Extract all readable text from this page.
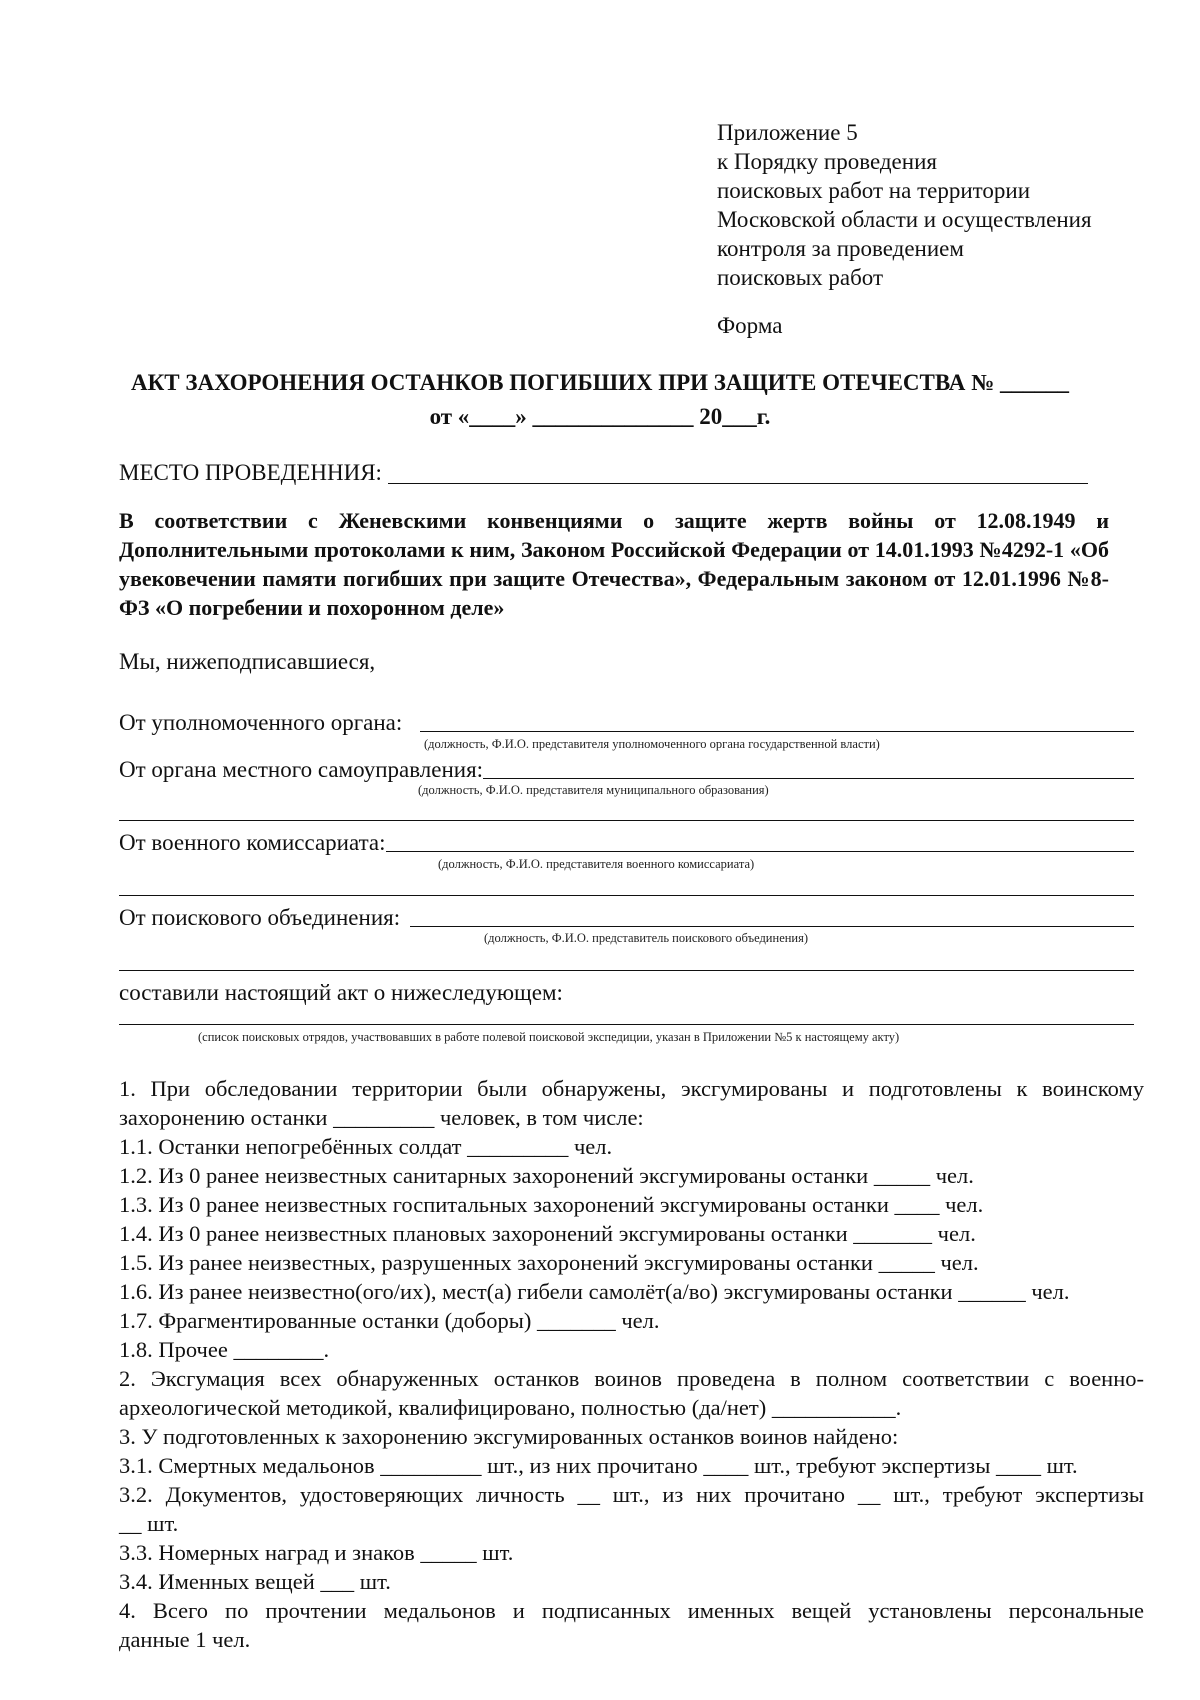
Приложение 5
к Порядку проведения
поисковых работ на территории
Московской области и осуществления
контроля за проведением
поисковых работ
Форма
АКТ ЗАХОРОНЕНИЯ ОСТАНКОВ ПОГИБШИХ ПРИ ЗАЩИТЕ ОТЕЧЕСТВА № ______
от «____» ______________ 20___г.
МЕСТО ПРОВЕДЕННИЯ:
В соответствии с Женевскими конвенциями о защите жертв войны от 12.08.1949 и Дополнительными протоколами к ним, Законом Российской Федерации от 14.01.1993 №4292-1 «Об увековечении памяти погибших при защите Отечества», Федеральным законом от 12.01.1996 №8-ФЗ «О погребении и похоронном деле»
Мы, нижеподписавшиеся,
От уполномоченного органа:
(должность, Ф.И.О. представителя уполномоченного органа государственной власти)
От органа местного самоуправления:
(должность, Ф.И.О. представителя муниципального образования)
От военного комиссариата:
(должность, Ф.И.О. представителя военного комиссариата)
От поискового объединения:
(должность, Ф.И.О. представитель поискового объединения)
составили настоящий акт о нижеследующем:
(список поисковых отрядов, участвовавших в работе полевой поисковой экспедиции, указан в Приложении №5 к настоящему акту)
1. При обследовании территории были обнаружены, эксгумированы и подготовлены к воинскому
захоронению останки _________ человек, в том числе:
1.1. Останки непогребённых солдат _________ чел.
1.2. Из 0 ранее неизвестных санитарных захоронений эксгумированы останки _____ чел.
1.3. Из 0 ранее неизвестных госпитальных захоронений эксгумированы останки ____ чел.
1.4. Из 0 ранее неизвестных плановых захоронений эксгумированы останки _______ чел.
1.5. Из ранее неизвестных, разрушенных захоронений эксгумированы останки _____ чел.
1.6. Из ранее неизвестно(ого/их), мест(а) гибели самолёт(а/во) эксгумированы останки ______ чел.
1.7. Фрагментированные останки (доборы) _______ чел.
1.8. Прочее ________.
2. Эксгумация всех обнаруженных останков воинов проведена в полном соответствии с военно-
археологической методикой, квалифицировано, полностью (да/нет) ___________.
3. У подготовленных к захоронению эксгумированных останков воинов найдено:
3.1. Смертных медальонов _________ шт., из них прочитано ____ шт., требуют экспертизы ____ шт.
3.2. Документов, удостоверяющих личность __ шт., из них прочитано __ шт., требуют экспертизы
__ шт.
3.3. Номерных наград и знаков _____ шт.
3.4. Именных вещей ___ шт.
4. Всего по прочтении медальонов и подписанных именных вещей установлены персональные
данные 1 чел.
